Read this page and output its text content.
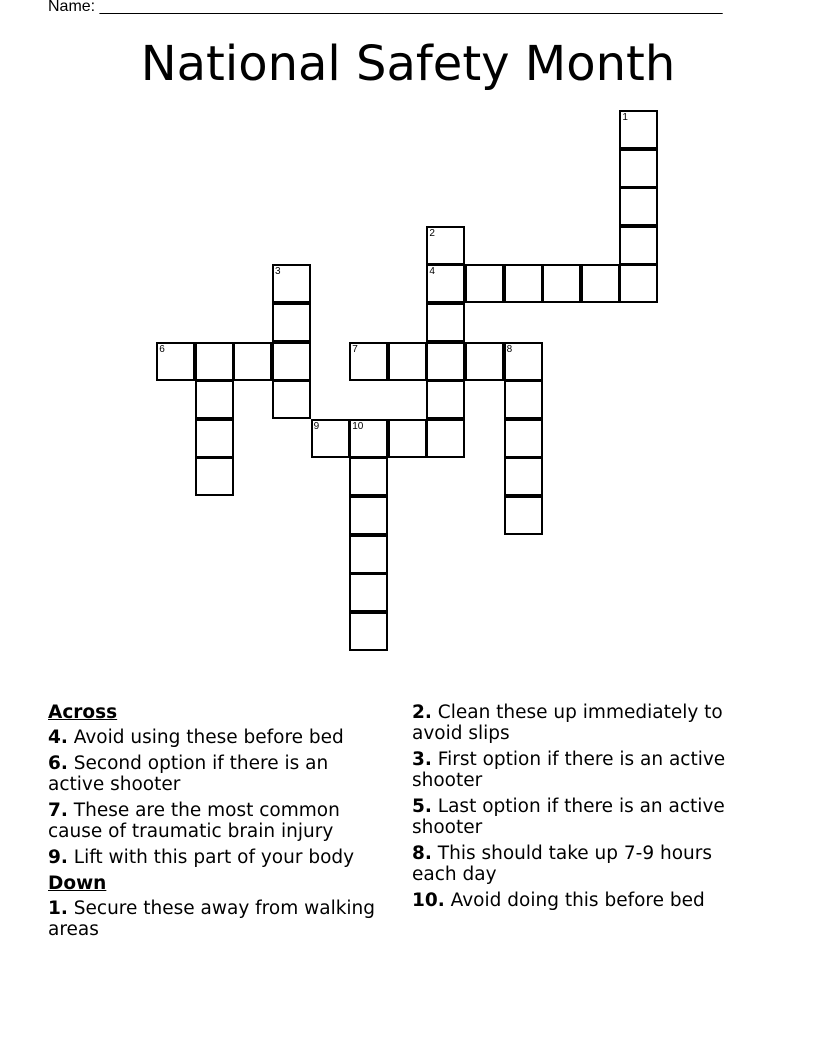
Name: ______________________________________________________________________
National Safety Month
1
2
4
3
6	7	8
9	10
Across
4. Avoid using these before bed
6. Second option if there is an active shooter
7. These are the most common cause of traumatic brain injury
9. Lift with this part of your body
Down
1. Secure these away from walking areas
2. Clean these up immediately to avoid slips
3. First option if there is an active shooter
5. Last option if there is an active shooter
8. This should take up 7-9 hours each day
10. Avoid doing this before bed
